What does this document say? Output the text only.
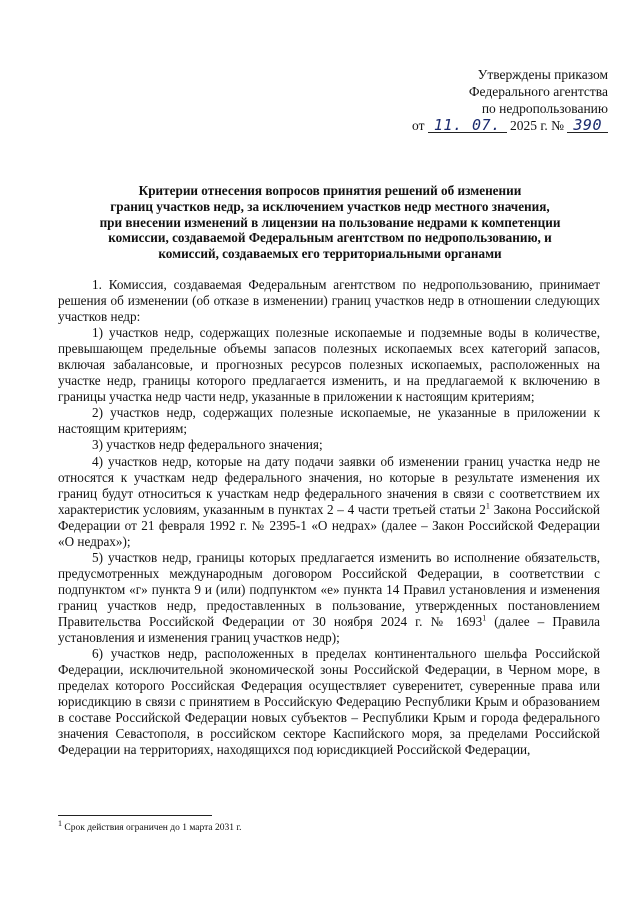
Утверждены приказом
Федерального агентства
по недропользованию
от 11. 07. 2025 г. № 390
Критерии отнесения вопросов принятия решений об изменении
границ участков недр, за исключением участков недр местного значения,
при внесении изменений в лицензии на пользование недрами к компетенции
комиссии, создаваемой Федеральным агентством по недропользованию, и
комиссий, создаваемых его территориальными органами

1. Комиссия, создаваемая Федеральным агентством по недропользованию, принимает решения об изменении (об отказе в изменении) границ участков недр в отношении следующих участков недр:

1) участков недр, содержащих полезные ископаемые и подземные воды в количестве, превышающем предельные объемы запасов полезных ископаемых всех категорий запасов, включая забалансовые, и прогнозных ресурсов полезных ископаемых, расположенных на участке недр, границы которого предлагается изменить, и на предлагаемой к включению в границы участка недр части недр, указанные в приложении к настоящим критериям;

2) участков недр, содержащих полезные ископаемые, не указанные в приложении к настоящим критериям;

3) участков недр федерального значения;

4) участков недр, которые на дату подачи заявки об изменении границ участка недр не относятся к участкам недр федерального значения, но которые в результате изменения их границ будут относиться к участкам недр федерального значения в связи с соответствием их характеристик условиям, указанным в пунктах 2 – 4 части третьей статьи $2^1$ Закона Российской Федерации от 21 февраля 1992 г. № 2395-1 «О недрах» (далее – Закон Российской Федерации «О недрах»);

5) участков недр, границы которых предлагается изменить во исполнение обязательств, предусмотренных международным договором Российской Федерации, в соответствии с подпунктом «г» пункта 9 и (или) подпунктом «е» пункта 14 Правил установления и изменения границ участков недр, предоставленных в пользование, утвержденных постановлением Правительства Российской Федерации от 30 ноября 2024 г. № 1693$^1$ (далее – Правила установления и изменения границ участков недр);

6) участков недр, расположенных в пределах континентального шельфа Российской Федерации, исключительной экономической зоны Российской Федерации, в Черном море, в пределах которого Российская Федерация осуществляет суверенитет, суверенные права или юрисдикцию в связи с принятием в Российскую Федерацию Республики Крым и образованием в составе Российской Федерации новых субъектов – Республики Крым и города федерального значения Севастополя, в российском секторе Каспийского моря, за пределами Российской Федерации на территориях, находящихся под юрисдикцией Российской Федерации,

$^1$ Срок действия ограничен до 1 марта 2031 г.
